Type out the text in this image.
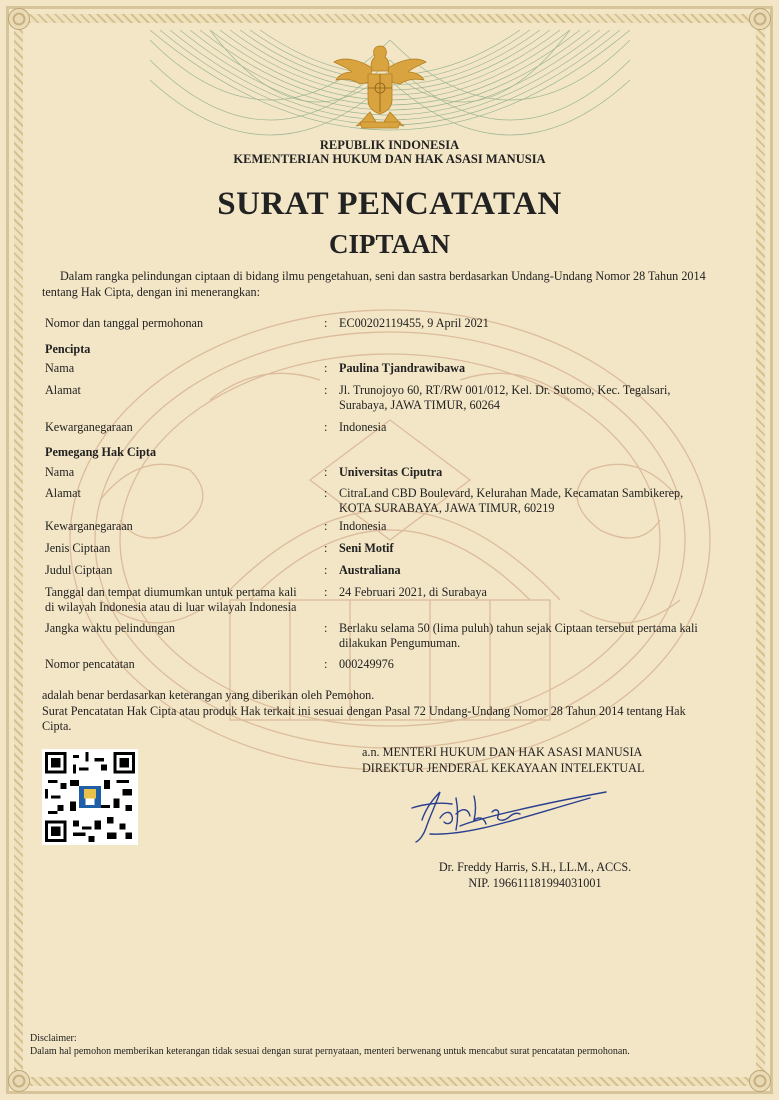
REPUBLIK INDONESIA
KEMENTERIAN HUKUM DAN HAK ASASI MANUSIA
SURAT PENCATATAN
CIPTAAN
Dalam rangka pelindungan ciptaan di bidang ilmu pengetahuan, seni dan sastra berdasarkan Undang-Undang Nomor 28 Tahun 2014 tentang Hak Cipta, dengan ini menerangkan:
Nomor dan tanggal permohonan	: EC00202119455, 9 April 2021
Pencipta
Nama	: Paulina Tjandrawibawa
Alamat	: Jl. Trunojoyo 60, RT/RW 001/012, Kel. Dr. Sutomo, Kec. Tegalsari,
Surabaya, JAWA TIMUR, 60264
Kewarganegaraan	: Indonesia
Pemegang Hak Cipta
Nama	: Universitas Ciputra
Alamat	: CitraLand CBD Boulevard, Kelurahan Made, Kecamatan Sambikerep,
KOTA SURABAYA, JAWA TIMUR, 60219
Kewarganegaraan	: Indonesia
Jenis Ciptaan	: Seni Motif
Judul Ciptaan	: Australiana
Tanggal dan tempat diumumkan untuk pertama kali	: 24 Februari 2021, di Surabaya
di wilayah Indonesia atau di luar wilayah Indonesia
Jangka waktu pelindungan	: Berlaku selama 50 (lima puluh) tahun sejak Ciptaan tersebut pertama kali
dilakukan Pengumuman.
Nomor pencatatan	: 000249976
adalah benar berdasarkan keterangan yang diberikan oleh Pemohon.
Surat Pencatatan Hak Cipta atau produk Hak terkait ini sesuai dengan Pasal 72 Undang-Undang Nomor 28 Tahun 2014 tentang Hak
Cipta.
a.n. MENTERI HUKUM DAN HAK ASASI MANUSIA
DIREKTUR JENDERAL KEKAYAAN INTELEKTUAL
Dr. Freddy Harris, S.H., LL.M., ACCS.
NIP. 196611181994031001
Disclaimer:
Dalam hal pemohon memberikan keterangan tidak sesuai dengan surat pernyataan, menteri berwenang untuk mencabut surat pencatatan permohonan.
